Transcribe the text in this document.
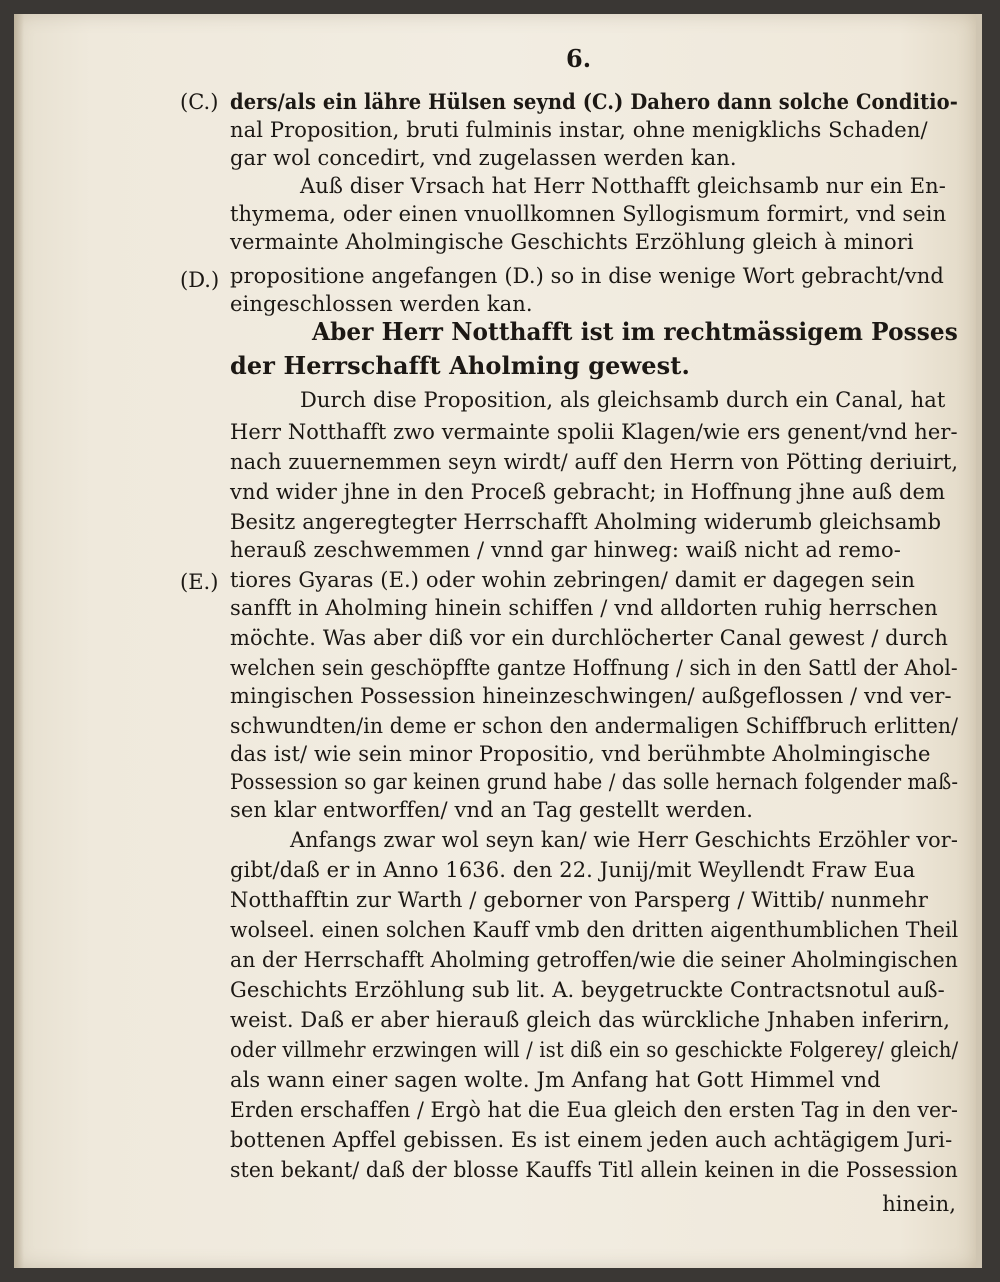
6.
(C.)
(D.)
(E.)
ders/als ein lähre Hülsen seynd (C.) Dahero dann solche Conditio-
nal Proposition, bruti fulminis instar, ohne menigklichs Schaden/
gar wol concedirt, vnd zugelassen werden kan.
Auß diser Vrsach hat Herr Notthafft gleichsamb nur ein En-
thymema, oder einen vnuollkomnen Syllogismum formirt, vnd sein
vermainte Aholmingische Geschichts Erzöhlung gleich à minori
propositione angefangen (D.) so in dise wenige Wort gebracht/vnd
eingeschlossen werden kan.
Aber Herr Notthafft ist im rechtmässigem Posses
der Herrschafft Aholming gewest.
Durch dise Proposition, als gleichsamb durch ein Canal, hat
Herr Notthafft zwo vermainte spolii Klagen/wie ers genent/vnd her-
nach zuuernemmen seyn wirdt/ auff den Herrn von Pötting deriuirt,
vnd wider jhne in den Proceß gebracht; in Hoffnung jhne auß dem
Besitz angeregtegter Herrschafft Aholming widerumb gleichsamb
herauß zeschwemmen / vnnd gar hinweg: waiß nicht ad remo-
tiores Gyaras (E.) oder wohin zebringen/ damit er dagegen sein
sanfft in Aholming hinein schiffen / vnd alldorten ruhig herrschen
möchte. Was aber diß vor ein durchlöcherter Canal gewest / durch
welchen sein geschöpffte gantze Hoffnung / sich in den Sattl der Ahol-
mingischen Possession hineinzeschwingen/ außgeflossen / vnd ver-
schwundten/in deme er schon den andermaligen Schiffbruch erlitten/
das ist/ wie sein minor Propositio, vnd berühmbte Aholmingische
Possession so gar keinen grund habe / das solle hernach folgender maß-
sen klar entworffen/ vnd an Tag gestellt werden.
Anfangs zwar wol seyn kan/ wie Herr Geschichts Erzöhler vor-
gibt/daß er in Anno 1636. den 22. Junij/mit Weyllendt Fraw Eua
Notthafftin zur Warth / geborner von Parsperg / Wittib/ nunmehr
wolseel. einen solchen Kauff vmb den dritten aigenthumblichen Theil
an der Herrschafft Aholming getroffen/wie die seiner Aholmingischen
Geschichts Erzöhlung sub lit. A. beygetruckte Contractsnotul auß-
weist. Daß er aber hierauß gleich das würckliche Jnhaben inferirn,
oder villmehr erzwingen will / ist diß ein so geschickte Folgerey/ gleich/
als wann einer sagen wolte. Jm Anfang hat Gott Himmel vnd
Erden erschaffen / Ergò hat die Eua gleich den ersten Tag in den ver-
bottenen Apffel gebissen. Es ist einem jeden auch achtägigem Juri-
sten bekant/ daß der blosse Kauffs Titl allein keinen in die Possession
hinein,
